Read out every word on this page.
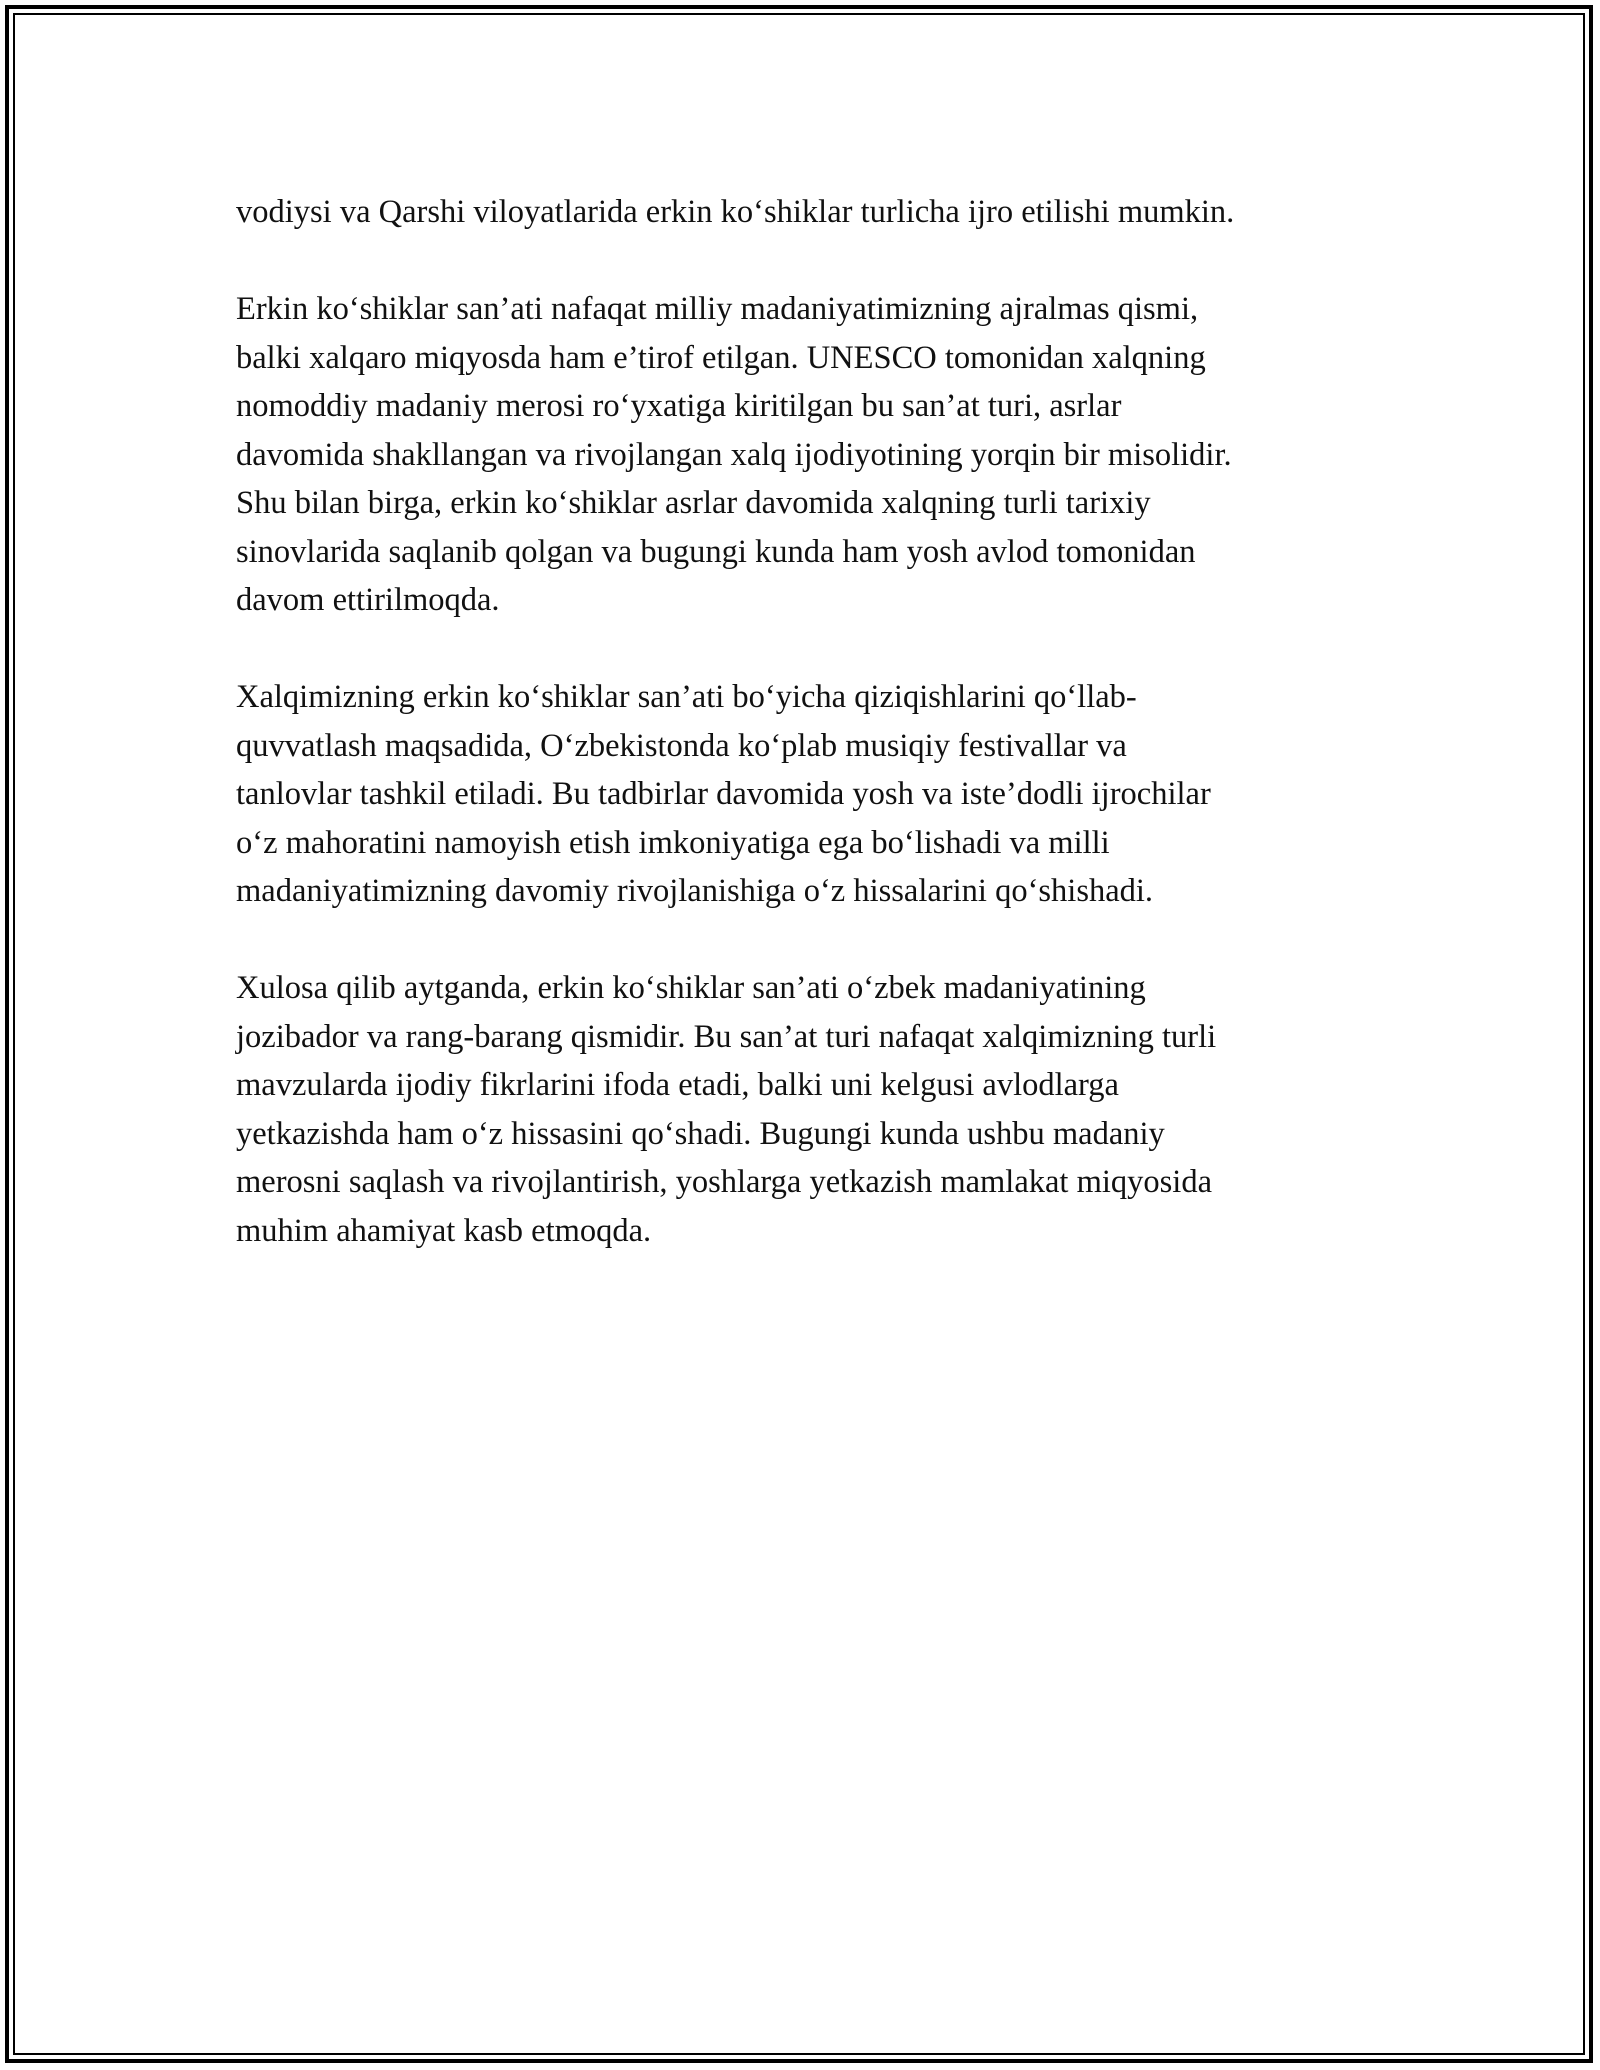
vodiysi va Qarshi viloyatlarida erkin ko‘shiklar turlicha ijro etilishi mumkin.

Erkin ko‘shiklar san’ati nafaqat milliy madaniyatimizning ajralmas qismi,
balki xalqaro miqyosda ham e’tirof etilgan. UNESCO tomonidan xalqning
nomoddiy madaniy merosi ro‘yxatiga kiritilgan bu san’at turi, asrlar
davomida shakllangan va rivojlangan xalq ijodiyotining yorqin bir misolidir.
Shu bilan birga, erkin ko‘shiklar asrlar davomida xalqning turli tarixiy
sinovlarida saqlanib qolgan va bugungi kunda ham yosh avlod tomonidan
davom ettirilmoqda.

Xalqimizning erkin ko‘shiklar san’ati bo‘yicha qiziqishlarini qo‘llab-
quvvatlash maqsadida, O‘zbekistonda ko‘plab musiqiy festivallar va
tanlovlar tashkil etiladi. Bu tadbirlar davomida yosh va iste’dodli ijrochilar
o‘z mahoratini namoyish etish imkoniyatiga ega bo‘lishadi va milli
madaniyatimizning davomiy rivojlanishiga o‘z hissalarini qo‘shishadi.

Xulosa qilib aytganda, erkin ko‘shiklar san’ati o‘zbek madaniyatining
jozibador va rang-barang qismidir. Bu san’at turi nafaqat xalqimizning turli
mavzularda ijodiy fikrlarini ifoda etadi, balki uni kelgusi avlodlarga
yetkazishda ham o‘z hissasini qo‘shadi. Bugungi kunda ushbu madaniy
merosni saqlash va rivojlantirish, yoshlarga yetkazish mamlakat miqyosida
muhim ahamiyat kasb etmoqda.
